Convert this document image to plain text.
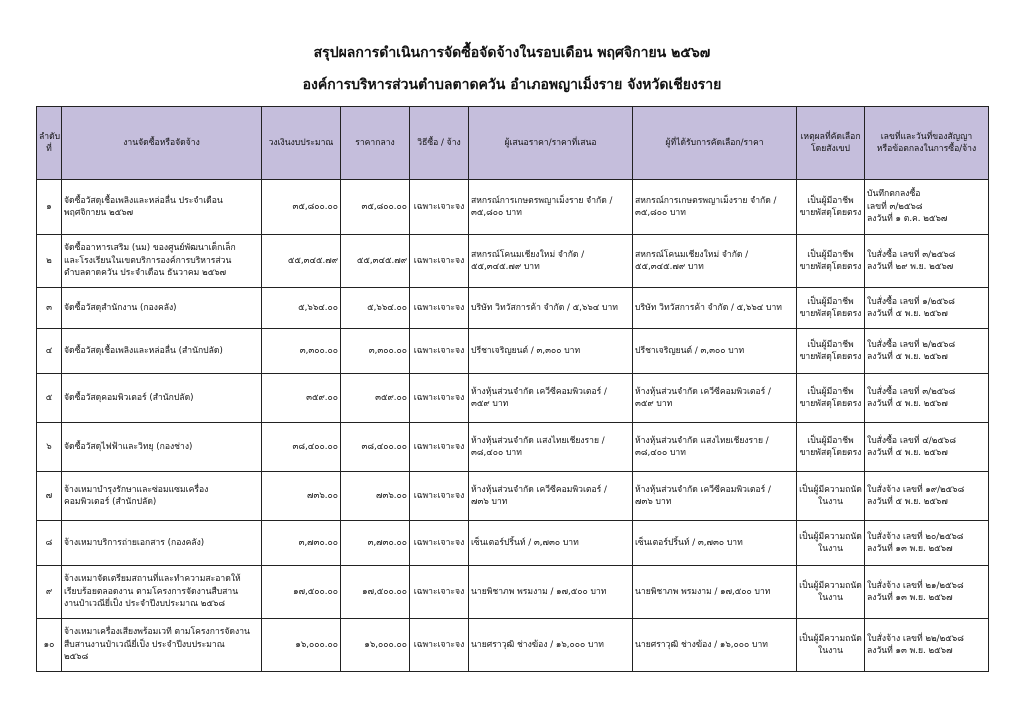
สรุปผลการดำเนินการจัดซื้อจัดจ้างในรอบเดือน พฤศจิกายน ๒๕๖๗
องค์การบริหารส่วนตำบลตาดควัน อำเภอพญาเม็งราย จังหวัดเชียงราย
ลำดับที่	งานจัดซื้อหรือจัดจ้าง	วงเงินงบประมาณ	ราคากลาง	วิธีซื้อ / จ้าง	ผู้เสนอราคา/ราคาที่เสนอ	ผู้ที่ได้รับการคัดเลือก/ราคา	เหตุผลที่คัดเลือก
โดยสังเขป	เลขที่และวันที่ของสัญญา
หรือข้อตกลงในการซื้อ/จ้าง

๑	จัดซื้อวัสดุเชื้อเพลิงและหล่อลื่น ประจำเดือน
พฤศจิกายน ๒๕๖๗	๓๕,๘๐๐.๐๐	๓๕,๘๐๐.๐๐	เฉพาะเจาะจง	สหกรณ์การเกษตรพญาเม็งราย จำกัด /
๓๕,๘๐๐ บาท	สหกรณ์การเกษตรพญาเม็งราย จำกัด /
๓๕,๘๐๐ บาท	เป็นผู้มีอาชีพ
ขายพัสดุโดยตรง	บันทึกตกลงซื้อ
เลขที่ ๓/๒๕๖๘
ลงวันที่ ๑ ต.ค. ๒๕๖๗

๒	จัดซื้ออาหารเสริม (นม) ของศูนย์พัฒนาเด็กเล็ก
และโรงเรียนในเขตบริการองค์การบริหารส่วน
ตำบลตาดควัน ประจำเดือน ธันวาคม ๒๕๖๗	๕๕,๓๔๕.๗๙	๕๕,๓๔๕.๗๙	เฉพาะเจาะจง	สหกรณ์โคนมเชียงใหม่ จำกัด /
๕๕,๓๔๕.๗๙ บาท	สหกรณ์โคนมเชียงใหม่ จำกัด /
๕๕,๓๔๕.๗๙ บาท	เป็นผู้มีอาชีพ
ขายพัสดุโดยตรง	ใบสั่งซื้อ เลขที่ ๓/๒๕๖๘
ลงวันที่ ๒๙ พ.ย. ๒๕๖๗

๓	จัดซื้อวัสดุสำนักงาน (กองคลัง)	๕,๖๖๔.๐๐	๕,๖๖๔.๐๐	เฉพาะเจาะจง	บริษัท วิทวัสการค้า จำกัด / ๕,๖๖๔ บาท	บริษัท วิทวัสการค้า จำกัด / ๕,๖๖๔ บาท	เป็นผู้มีอาชีพ
ขายพัสดุโดยตรง	ใบสั่งซื้อ เลขที่ ๑/๒๕๖๘
ลงวันที่ ๕ พ.ย. ๒๕๖๗

๔	จัดซื้อวัสดุเชื้อเพลิงและหล่อลื่น (สำนักปลัด)	๓,๓๐๐.๐๐	๓,๓๐๐.๐๐	เฉพาะเจาะจง	ปรีชาเจริญยนต์ / ๓,๓๐๐ บาท	ปรีชาเจริญยนต์ / ๓,๓๐๐ บาท	เป็นผู้มีอาชีพ
ขายพัสดุโดยตรง	ใบสั่งซื้อ เลขที่ ๒/๒๕๖๘
ลงวันที่ ๕ พ.ย. ๒๕๖๗

๕	จัดซื้อวัสดุคอมพิวเตอร์ (สำนักปลัด)	๓๕๙.๐๐	๓๕๙.๐๐	เฉพาะเจาะจง	ห้างหุ้นส่วนจำกัด เควีซีคอมพิวเตอร์ /
๓๕๙ บาท	ห้างหุ้นส่วนจำกัด เควีซีคอมพิวเตอร์ /
๓๕๙ บาท	เป็นผู้มีอาชีพ
ขายพัสดุโดยตรง	ใบสั่งซื้อ เลขที่ ๓/๒๕๖๘
ลงวันที่ ๕ พ.ย. ๒๕๖๗

๖	จัดซื้อวัสดุไฟฟ้าและวิทยุ (กองช่าง)	๓๘,๔๐๐.๐๐	๓๘,๔๐๐.๐๐	เฉพาะเจาะจง	ห้างหุ้นส่วนจำกัด แสงไทยเชียงราย /
๓๘,๔๐๐ บาท	ห้างหุ้นส่วนจำกัด แสงไทยเชียงราย /
๓๘,๔๐๐ บาท	เป็นผู้มีอาชีพ
ขายพัสดุโดยตรง	ใบสั่งซื้อ เลขที่ ๔/๒๕๖๘
ลงวันที่ ๕ พ.ย. ๒๕๖๗

๗	จ้างเหมาบำรุงรักษาและซ่อมแซมเครื่อง
คอมพิวเตอร์ (สำนักปลัด)	๗๓๖.๐๐	๗๓๖.๐๐	เฉพาะเจาะจง	ห้างหุ้นส่วนจำกัด เควีซีคอมพิวเตอร์ /
๗๓๖ บาท	ห้างหุ้นส่วนจำกัด เควีซีคอมพิวเตอร์ /
๗๓๖ บาท	เป็นผู้มีความถนัด
ในงาน	ใบสั่งจ้าง เลขที่ ๑๙/๒๕๖๘
ลงวันที่ ๕ พ.ย. ๒๕๖๗

๘	จ้างเหมาบริการถ่ายเอกสาร (กองคลัง)	๓,๗๓๐.๐๐	๓,๗๓๐.๐๐	เฉพาะเจาะจง	เซ็นเตอร์ปริ้นท์ / ๓,๗๓๐ บาท	เซ็นเตอร์ปริ้นท์ / ๓,๗๓๐ บาท	เป็นผู้มีความถนัด
ในงาน	ใบสั่งจ้าง เลขที่ ๒๐/๒๕๖๘
ลงวันที่ ๑๓ พ.ย. ๒๕๖๗

๙	จ้างเหมาจัดเตรียมสถานที่และทำความสะอาดให้
เรียบร้อยตลอดงาน ตามโครงการจัดงานสืบสาน
งานป๋าเวณียี่เป็ง ประจำปีงบประมาณ ๒๕๖๘	๑๗,๕๐๐.๐๐	๑๗,๕๐๐.๐๐	เฉพาะเจาะจง	นายพิชาภพ พรมงาม / ๑๗,๕๐๐ บาท	นายพิชาภพ พรมงาม / ๑๗,๕๐๐ บาท	เป็นผู้มีความถนัด
ในงาน	ใบสั่งจ้าง เลขที่ ๒๑/๒๕๖๘
ลงวันที่ ๑๓ พ.ย. ๒๕๖๗

๑๐	จ้างเหมาเครื่องเสียงพร้อมเวที ตามโครงการจัดงาน
สืบสานงานป๋าเวณียี่เป็ง ประจำปีงบประมาณ
๒๕๖๘	๑๖,๐๐๐.๐๐	๑๖,๐๐๐.๐๐	เฉพาะเจาะจง	นายศราวุฒิ ช่างฆ้อง / ๑๖,๐๐๐ บาท	นายศราวุฒิ ช่างฆ้อง / ๑๖,๐๐๐ บาท	เป็นผู้มีความถนัด
ในงาน	ใบสั่งจ้าง เลขที่ ๒๒/๒๕๖๘
ลงวันที่ ๑๓ พ.ย. ๒๕๖๗
